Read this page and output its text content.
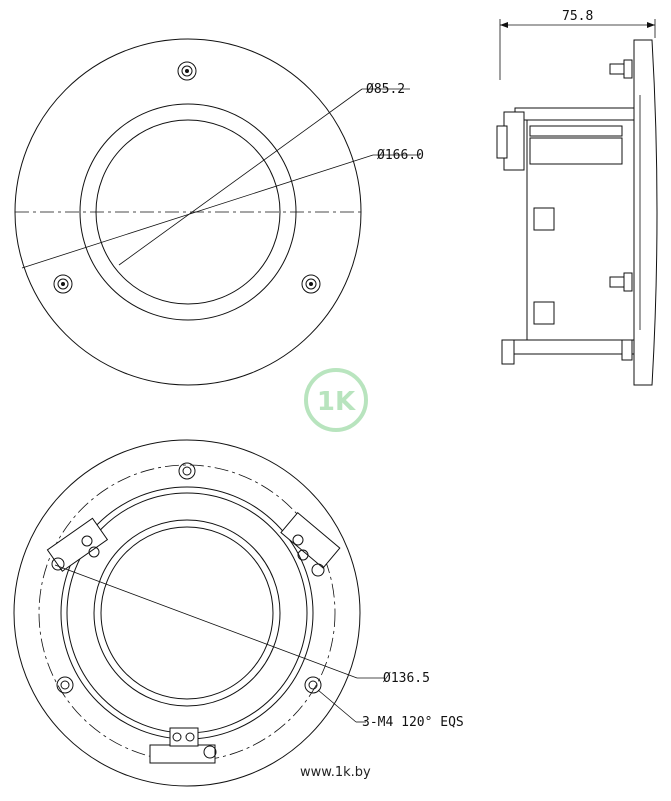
Ø85.2
Ø166.0
75.8
1K
Ø136.5
3-M4 120° EQS
www.1k.by
